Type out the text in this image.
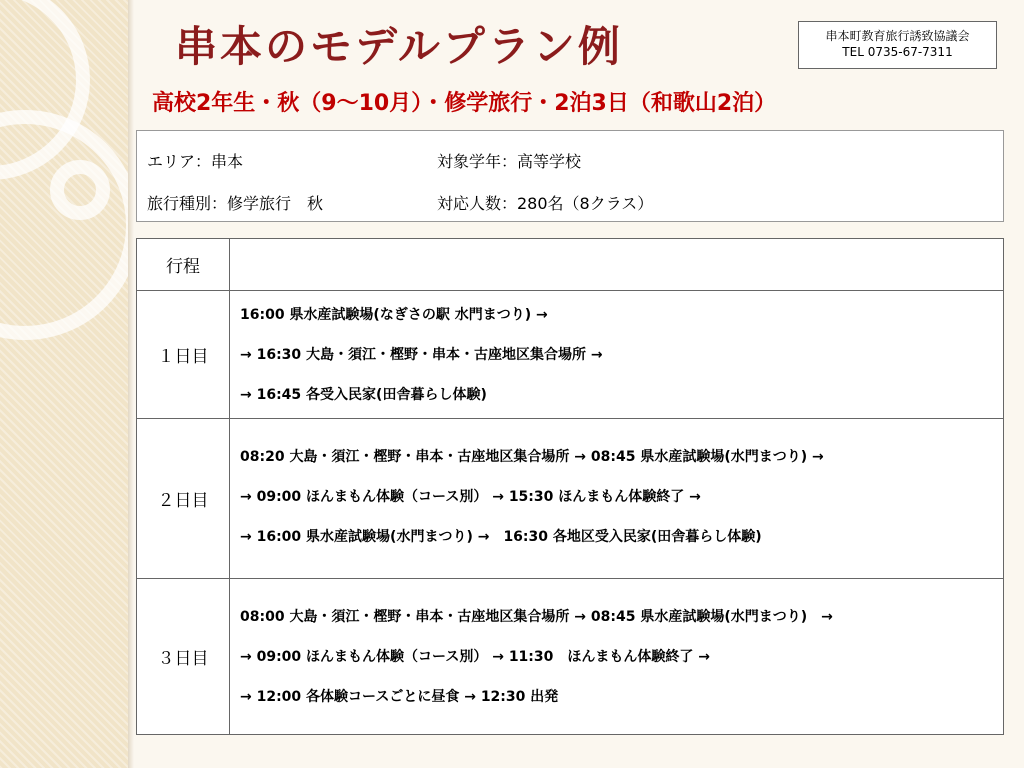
串本のモデルプラン例	串本町教育旅行誘致協議会
TEL 0735-67-7311
高校2年生・秋（9〜10月）・修学旅行・2泊3日（和歌山2泊）
エリア：串本	対象学年：高等学校
旅行種別：修学旅行　秋	対応人数：280名（8クラス）
行程	
１日目	16:00 県水産試験場(なぎさの駅 水門まつり) →
→ 16:30 大島・須江・樫野・串本・古座地区集合場所 →
→ 16:45 各受入民家(田舎暮らし体験)

２日目	08:20 大島・須江・樫野・串本・古座地区集合場所 → 08:45 県水産試験場(水門まつり) →
→ 09:00 ほんまもん体験（コース別） → 15:30 ほんまもん体験終了 →
→ 16:00 県水産試験場(水門まつり) →　16:30 各地区受入民家(田舎暮らし体験)

３日目	08:00 大島・須江・樫野・串本・古座地区集合場所 → 08:45 県水産試験場(水門まつり)　→
→ 09:00 ほんまもん体験（コース別） → 11:30　ほんまもん体験終了 →
→ 12:00 各体験コースごとに昼食 → 12:30 出発
